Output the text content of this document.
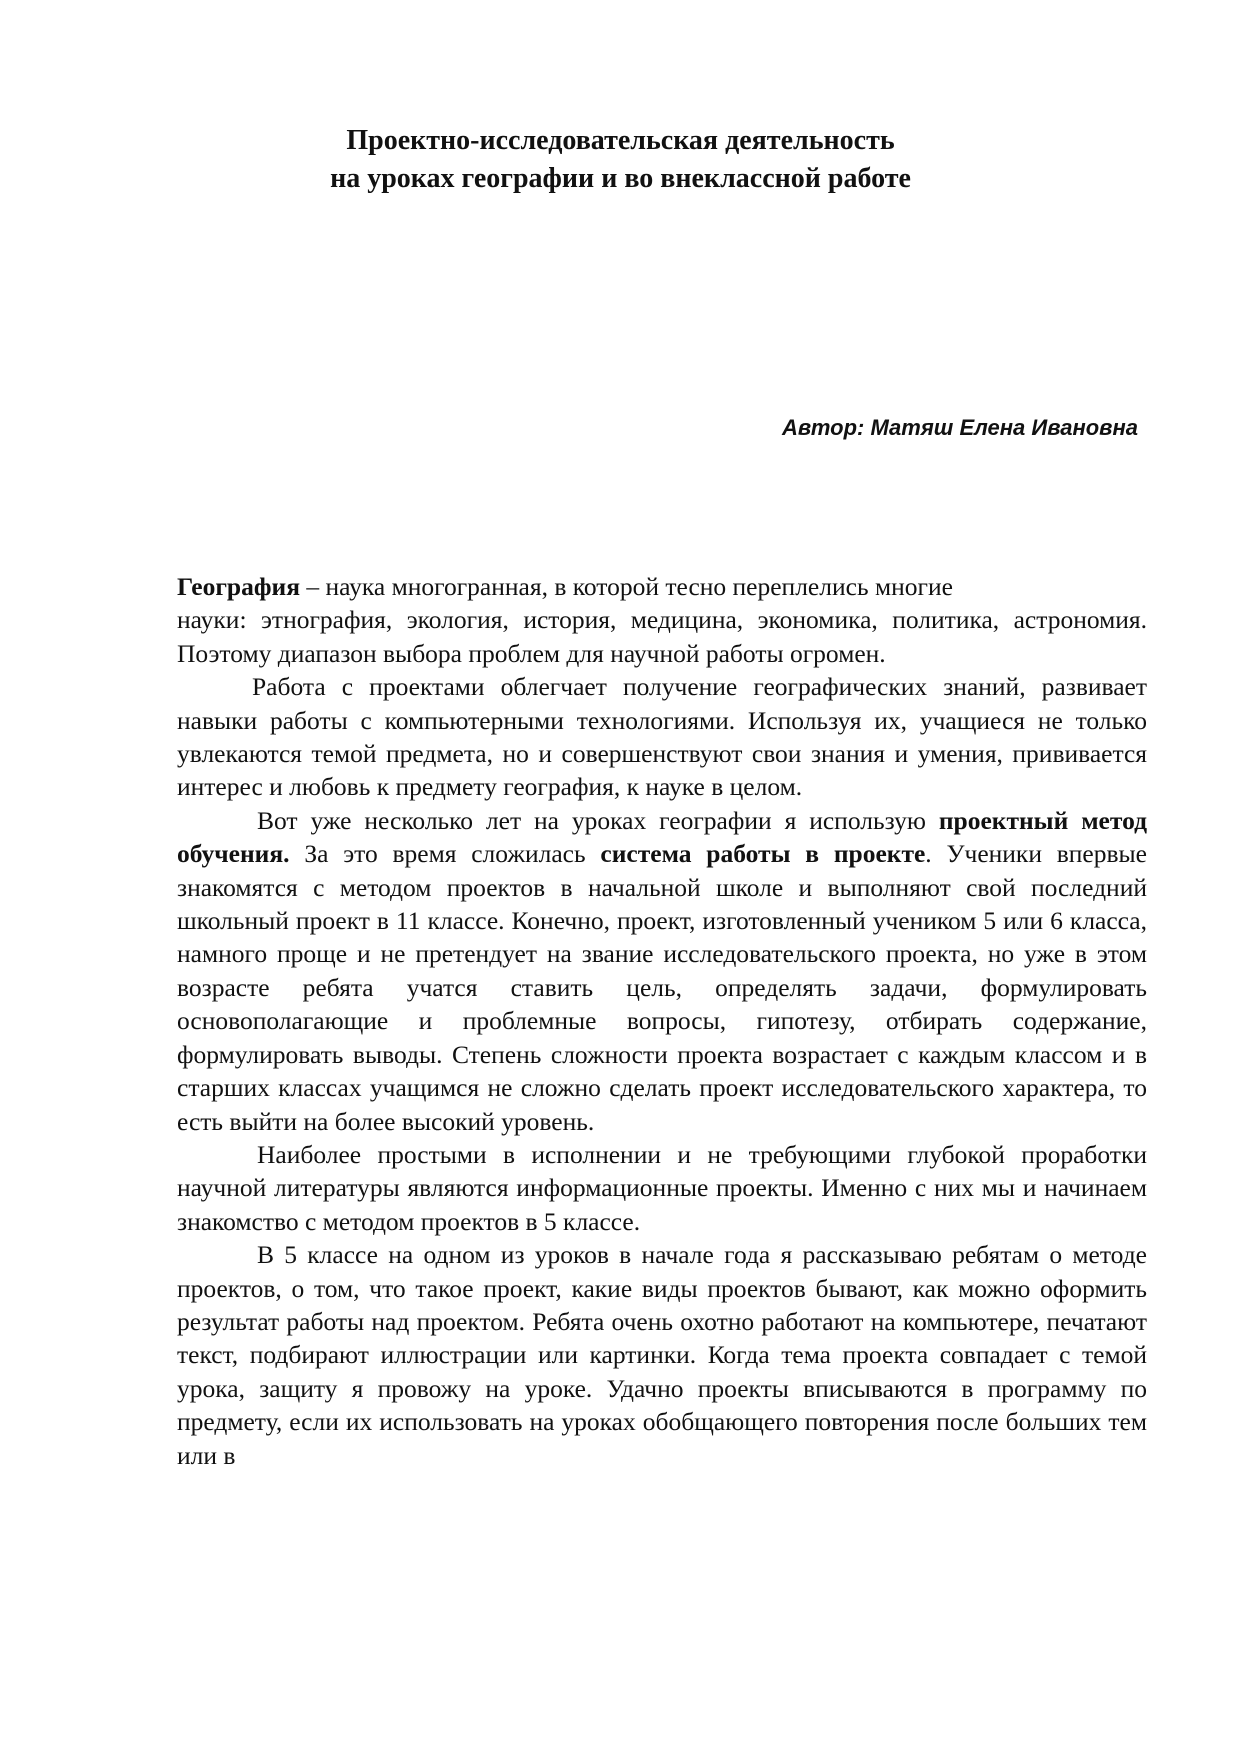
Проектно-исследовательская деятельность
на уроках географии и во внеклассной работе

Автор: Матяш Елена Ивановна

География – наука многогранная, в которой тесно переплелись многие

науки: этнография, экология, история, медицина, экономика, политика, астрономия. Поэтому диапазон выбора проблем для научной работы огромен.

Работа с проектами облегчает получение географических знаний, развивает навыки работы с компьютерными технологиями. Используя их, учащиеся не только увлекаются темой предмета, но и совершенствуют свои знания и умения, прививается интерес и любовь к предмету география, к науке в целом.

Вот уже несколько лет на уроках географии я использую проектный метод обучения. За это время сложилась система работы в проекте. Ученики впервые знакомятся с методом проектов в начальной школе и выполняют свой последний школьный проект в 11 классе. Конечно, проект, изготовленный учеником 5 или 6 класса, намного проще и не претендует на звание исследовательского проекта, но уже в этом возрасте ребята учатся ставить цель, определять задачи, формулировать основополагающие и проблемные вопросы, гипотезу, отбирать содержание, формулировать выводы. Степень сложности проекта возрастает с каждым классом и в старших классах учащимся не сложно сделать проект исследовательского характера, то есть выйти на более высокий уровень.

Наиболее простыми в исполнении и не требующими глубокой проработки научной литературы являются информационные проекты. Именно с них мы и начинаем знакомство с методом проектов в 5 классе.

В 5 классе на одном из уроков в начале года я рассказываю ребятам о методе проектов, о том, что такое проект, какие виды проектов бывают, как можно оформить результат работы над проектом. Ребята очень охотно работают на компьютере, печатают текст, подбирают иллюстрации или картинки. Когда тема проекта совпадает с темой урока, защиту я провожу на уроке. Удачно проекты вписываются в программу по предмету, если их использовать на уроках обобщающего повторения после больших тем или в
